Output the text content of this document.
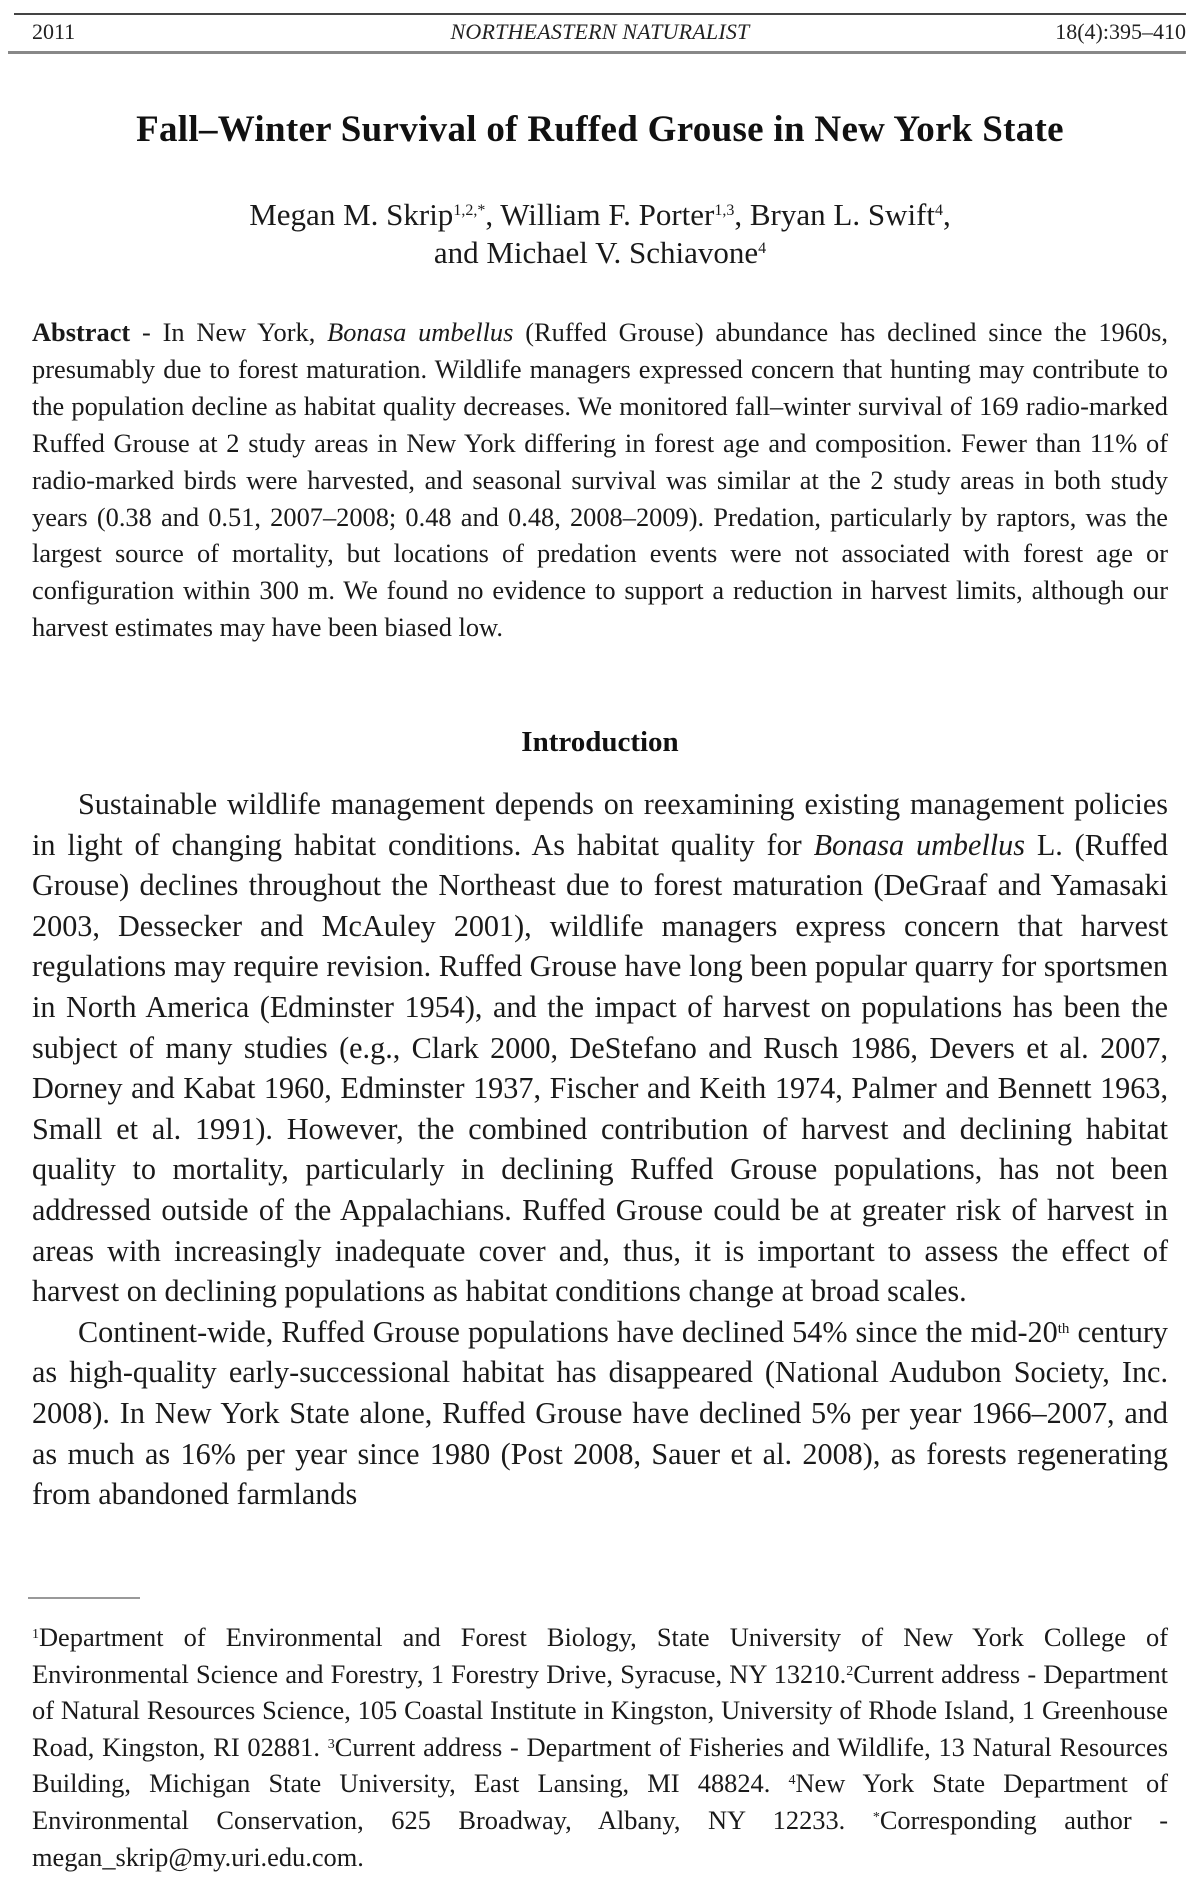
2011	NORTHEASTERN NATURALIST	18(4):395–410
Fall–Winter Survival of Ruffed Grouse in New York State
Megan M. Skrip$^{1,2,*}$, William F. Porter$^{1,3}$, Bryan L. Swift$^4$,
and Michael V. Schiavone$^4$
Abstract - In New York, Bonasa umbellus (Ruffed Grouse) abundance has declined since the 1960s, presumably due to forest maturation. Wildlife managers expressed concern that hunting may contribute to the population decline as habitat quality decreases. We monitored fall–winter survival of 169 radio-marked Ruffed Grouse at 2 study areas in New York differing in forest age and composition. Fewer than 11% of radio-marked birds were harvested, and seasonal survival was similar at the 2 study areas in both study years (0.38 and 0.51, 2007–2008; 0.48 and 0.48, 2008–2009). Predation, particularly by raptors, was the largest source of mortality, but locations of predation events were not associated with forest age or configuration within 300 m. We found no evidence to support a reduction in harvest limits, although our harvest estimates may have been biased low.
Introduction

Sustainable wildlife management depends on reexamining existing management policies in light of changing habitat conditions. As habitat quality for Bonasa umbellus L. (Ruffed Grouse) declines throughout the Northeast due to forest maturation (DeGraaf and Yamasaki 2003, Dessecker and McAuley 2001), wildlife managers express concern that harvest regulations may require revision. Ruffed Grouse have long been popular quarry for sportsmen in North America (Edminster 1954), and the impact of harvest on populations has been the subject of many studies (e.g., Clark 2000, DeStefano and Rusch 1986, Devers et al. 2007, Dorney and Kabat 1960, Edminster 1937, Fischer and Keith 1974, Palmer and Bennett 1963, Small et al. 1991). However, the combined contribution of harvest and declining habitat quality to mortality, particularly in declining Ruffed Grouse populations, has not been addressed outside of the Appalachians. Ruffed Grouse could be at greater risk of harvest in areas with increasingly inadequate cover and, thus, it is important to assess the effect of harvest on declining populations as habitat conditions change at broad scales.

Continent-wide, Ruffed Grouse populations have declined 54% since the mid-20th century as high-quality early-successional habitat has disappeared (National Audubon Society, Inc. 2008). In New York State alone, Ruffed Grouse have declined 5% per year 1966–2007, and as much as 16% per year since 1980 (Post 2008, Sauer et al. 2008), as forests regenerating from abandoned farmlands

$^1$Department of Environmental and Forest Biology, State University of New York College of Environmental Science and Forestry, 1 Forestry Drive, Syracuse, NY 13210.$^2$Current address - Department of Natural Resources Science, 105 Coastal Institute in Kingston, University of Rhode Island, 1 Greenhouse Road, Kingston, RI 02881. $^3$Current address - Department of Fisheries and Wildlife, 13 Natural Resources Building, Michigan State University, East Lansing, MI 48824. $^4$New York State Department of Environmental Conservation, 625 Broadway, Albany, NY 12233. *Corresponding author - megan_skrip@my.uri.edu.com.
